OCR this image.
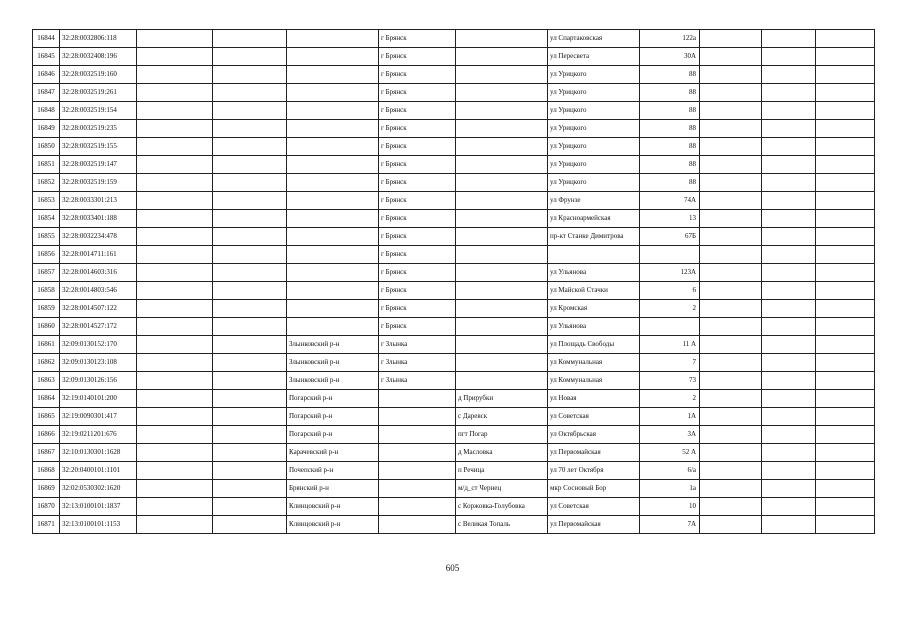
16844	32:28:0032806:118				г Брянск		ул Спартаковская	122а			
16845	32:28:0032408:196				г Брянск		ул Пересвета	30А			
16846	32:28:0032519:160				г Брянск		ул Урицкого	88			
16847	32:28:0032519:261				г Брянск		ул Урицкого	88			
16848	32:28:0032519:154				г Брянск		ул Урицкого	88			
16849	32:28:0032519:235				г Брянск		ул Урицкого	88			
16850	32:28:0032519:155				г Брянск		ул Урицкого	88			
16851	32:28:0032519:147				г Брянск		ул Урицкого	88			
16852	32:28:0032519:159				г Брянск		ул Урицкого	88			
16853	32:28:0033301:213				г Брянск		ул Фрунзе	74А			
16854	32:28:0033401:188				г Брянск		ул Красноармейская	13			
16855	32:28:0032234:478				г Брянск		пр-кт Станке Димитрова	67Б			
16856	32:28:0014711:161				г Брянск						
16857	32:28:0014603:316				г Брянск		ул Ульянова	123А			
16858	32:28:0014803:546				г Брянск		ул Майской Стачки	6			
16859	32:28:0014507:122				г Брянск		ул Кромская	2			
16860	32:28:0014527:172				г Брянск		ул Ульянова				
16861	32:09:0130152:170			Злынковский р-н	г Злынка		ул Площадь Свободы	11 А			
16862	32:09:0130123:108			Злынковский р-н	г Злынка		ул Коммунальная	7			
16863	32:09:0130126:156			Злынковский р-н	г Злынка		ул Коммунальная	73			
16864	32:19:0140101:200			Погарский р-н		д Прирубки	ул Новая	2			
16865	32:19:0090301:417			Погарский р-н		с Даревск	ул Советская	1А			
16866	32:19:0211201:676			Погарский р-н		пгт Погар	ул Октябрьская	3А			
16867	32:10:0130301:1628			Карачевский р-н		д Масловка	ул Первомайская	52 А			
16868	32:20:0400101:1101			Почепский р-н		п Речица	ул 70 лет Октября	6/а			
16869	32:02:0530302:1620			Брянский р-н		м/д_ст Чернец	мкр Сосновый Бор	1а			
16870	32:13:0100101:1837			Клинцовский р-н		с Коржовка-Голубовка	ул Советская	10			
16871	32:13:0100101:1153			Клинцовский р-н		с Великая Топаль	ул Первомайская	7А			
605
